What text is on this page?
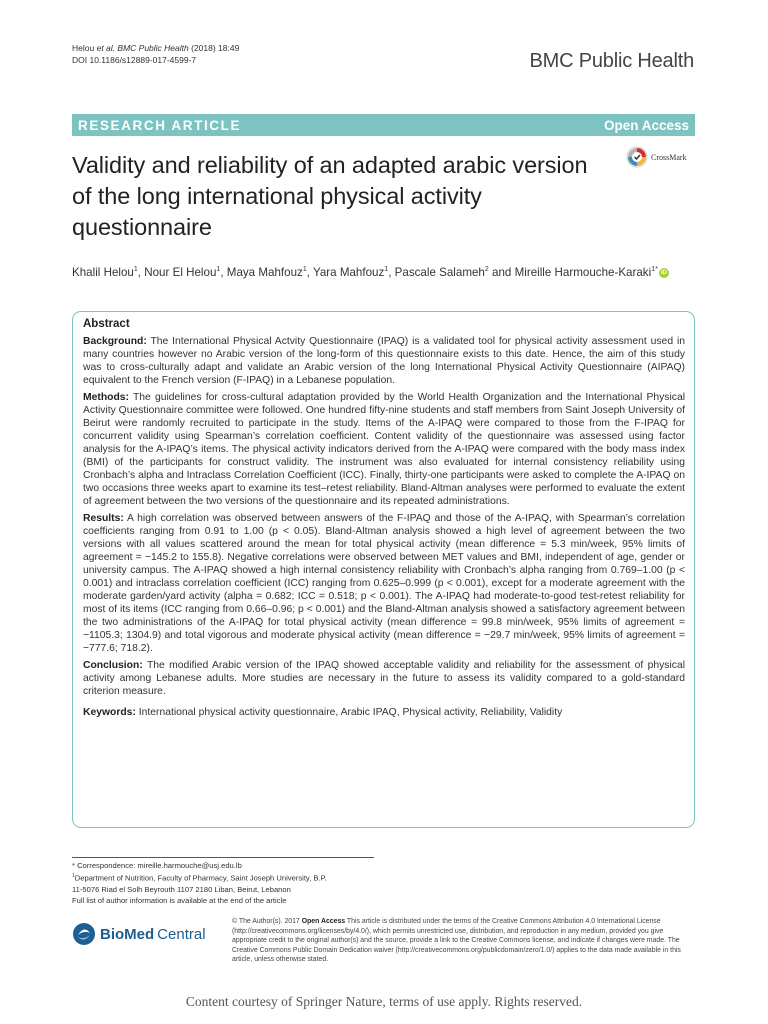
Helou et al. BMC Public Health (2018) 18:49
DOI 10.1186/s12889-017-4599-7	BMC Public Health
RESEARCH ARTICLE	Open Access
Validity and reliability of an adapted arabic version of the long international physical activity questionnaire
CrossMark
Khalil Helou$^1$, Nour El Helou$^1$, Maya Mahfouz$^1$, Yara Mahfouz$^1$, Pascale Salameh$^2$ and Mireille Harmouche-Karaki$^{1*}$ iD
Abstract

Background: The International Physical Actvity Questionnaire (IPAQ) is a validated tool for physical activity assessment used in many countries however no Arabic version of the long-form of this questionnaire exists to this date. Hence, the aim of this study was to cross-culturally adapt and validate an Arabic version of the long International Physical Activity Questionnaire (AIPAQ) equivalent to the French version (F-IPAQ) in a Lebanese population.

Methods: The guidelines for cross-cultural adaptation provided by the World Health Organization and the International Physical Activity Questionnaire committee were followed. One hundred fifty-nine students and staff members from Saint Joseph University of Beirut were randomly recruited to participate in the study. Items of the A-IPAQ were compared to those from the F-IPAQ for concurrent validity using Spearman’s correlation coefficient. Content validity of the questionnaire was assessed using factor analysis for the A-IPAQ’s items. The physical activity indicators derived from the A-IPAQ were compared with the body mass index (BMI) of the participants for construct validity. The instrument was also evaluated for internal consistency reliability using Cronbach’s alpha and Intraclass Correlation Coefficient (ICC). Finally, thirty-one participants were asked to complete the A-IPAQ on two occasions three weeks apart to examine its test–retest reliability. Bland-Altman analyses were performed to evaluate the extent of agreement between the two versions of the questionnaire and its repeated administrations.

Results: A high correlation was observed between answers of the F-IPAQ and those of the A-IPAQ, with Spearman’s correlation coefficients ranging from 0.91 to 1.00 (p < 0.05). Bland-Altman analysis showed a high level of agreement between the two versions with all values scattered around the mean for total physical activity (mean difference = 5.3 min/week, 95% limits of agreement = −145.2 to 155.8). Negative correlations were observed between MET values and BMI, independent of age, gender or university campus. The A-IPAQ showed a high internal consistency reliability with Cronbach’s alpha ranging from 0.769–1.00 (p < 0.001) and intraclass correlation coefficient (ICC) ranging from 0.625–0.999 (p < 0.001), except for a moderate agreement with the moderate garden/yard activity (alpha = 0.682; ICC = 0.518; p < 0.001). The A-IPAQ had moderate-to-good test-retest reliability for most of its items (ICC ranging from 0.66–0.96; p < 0.001) and the Bland-Altman analysis showed a satisfactory agreement between the two administrations of the A-IPAQ for total physical activity (mean difference = 99.8 min/week, 95% limits of agreement = −1105.3; 1304.9) and total vigorous and moderate physical activity (mean difference = −29.7 min/week, 95% limits of agreement = −777.6; 718.2).

Conclusion: The modified Arabic version of the IPAQ showed acceptable validity and reliability for the assessment of physical activity among Lebanese adults. More studies are necessary in the future to assess its validity compared to a gold-standard criterion measure.

Keywords: International physical activity questionnaire, Arabic IPAQ, Physical activity, Reliability, Validity

* Correspondence: mireille.harmouche@usj.edu.lb
$^1$Department of Nutrition, Faculty of Pharmacy, Saint Joseph University, B.P.
11-5076 Riad el Solh Beyrouth 1107 2180 Liban, Beirut, Lebanon
Full list of author information is available at the end of the article
BioMed Central
© The Author(s). 2017 Open Access This article is distributed under the terms of the Creative Commons Attribution 4.0 International License (http://creativecommons.org/licenses/by/4.0/), which permits unrestricted use, distribution, and reproduction in any medium, provided you give appropriate credit to the original author(s) and the source, provide a link to the Creative Commons license, and indicate if changes were made. The Creative Commons Public Domain Dedication waiver (http://creativecommons.org/publicdomain/zero/1.0/) applies to the data made available in this article, unless otherwise stated.
Content courtesy of Springer Nature, terms of use apply. Rights reserved.
